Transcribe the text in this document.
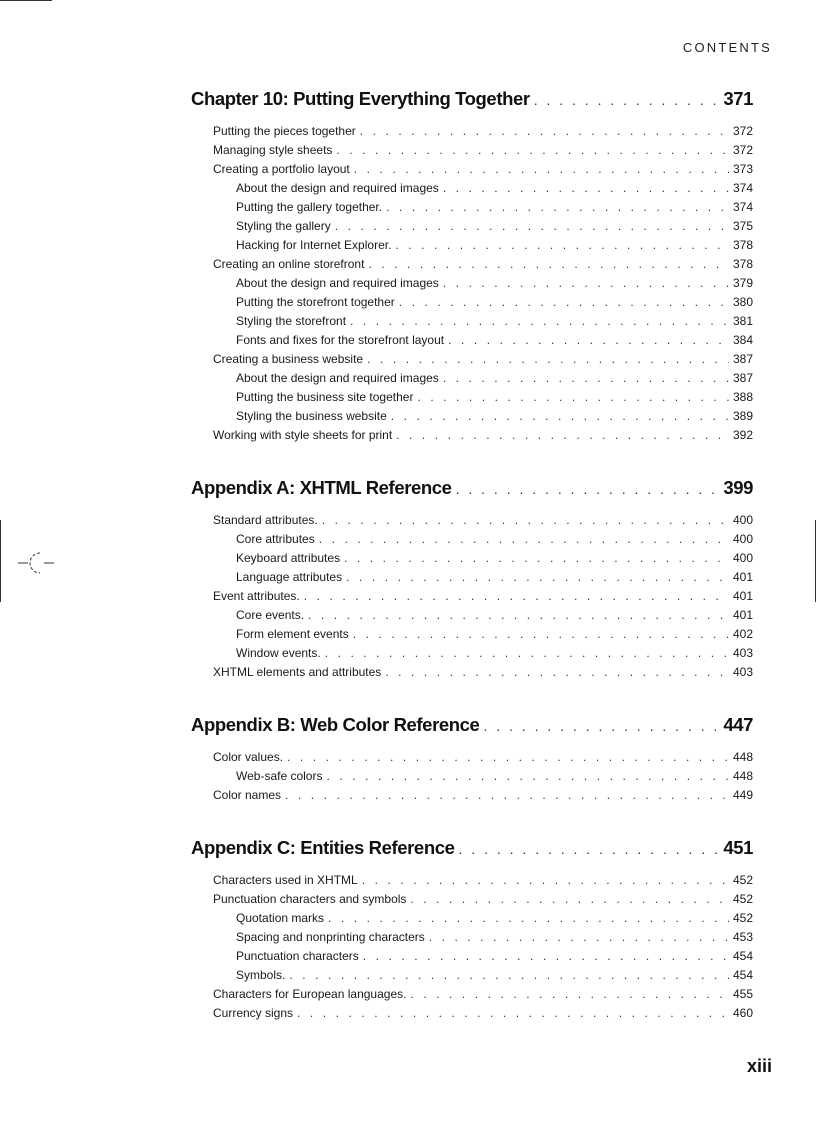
CONTENTS
Chapter 10: Putting Everything Together . . .	371
Putting the pieces together . . .	372
Managing style sheets . . .	372
Creating a portfolio layout . . .	373
About the design and required images . . .	374
Putting the gallery together. . . .	374
Styling the gallery . . .	375
Hacking for Internet Explorer. . . .	378
Creating an online storefront . . .	378
About the design and required images . . .	379
Putting the storefront together . . .	380
Styling the storefront . . .	381
Fonts and fixes for the storefront layout . . .	384
Creating a business website . . .	387
About the design and required images . . .	387
Putting the business site together . . .	388
Styling the business website . . .	389
Working with style sheets for print . . .	392
Appendix A: XHTML Reference . . .	399
Standard attributes. . . .	400
Core attributes . . .	400
Keyboard attributes . . .	400
Language attributes . . .	401
Event attributes. . . .	401
Core events. . . .	401
Form element events . . .	402
Window events. . . .	403
XHTML elements and attributes . . .	403
Appendix B: Web Color Reference . . .	447
Color values. . . .	448
Web-safe colors . . .	448
Color names . . .	449
Appendix C: Entities Reference . . .	451
Characters used in XHTML . . .	452
Punctuation characters and symbols . . .	452
Quotation marks . . .	452
Spacing and nonprinting characters . . .	453
Punctuation characters . . .	454
Symbols. . . .	454
Characters for European languages. . . .	455
Currency signs . . .	460
xiii
